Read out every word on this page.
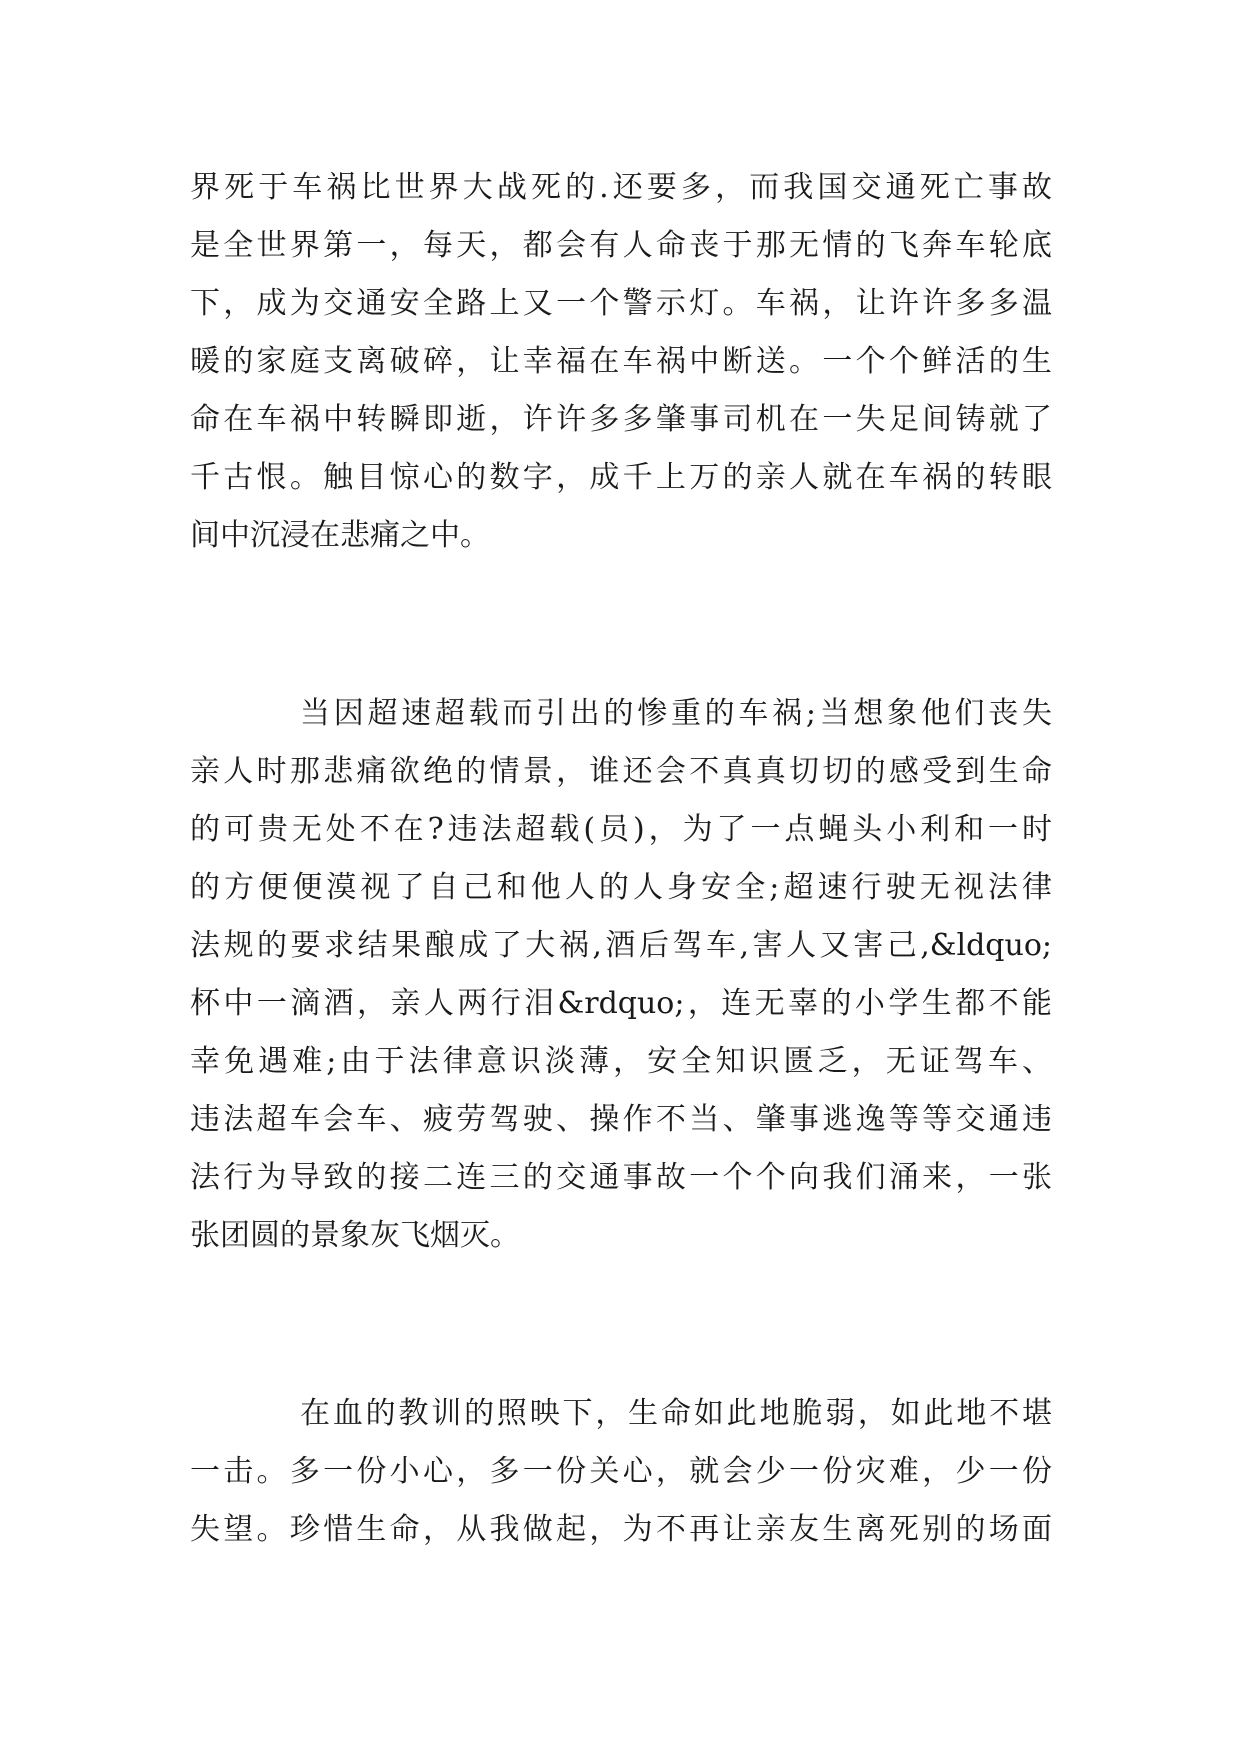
界死于车祸比世界大战死的.还要多，而我国交通死亡事故
是全世界第一，每天，都会有人命丧于那无情的飞奔车轮底
下，成为交通安全路上又一个警示灯。车祸，让许许多多温
暖的家庭支离破碎，让幸福在车祸中断送。一个个鲜活的生
命在车祸中转瞬即逝，许许多多肇事司机在一失足间铸就了
千古恨。触目惊心的数字，成千上万的亲人就在车祸的转眼
间中沉浸在悲痛之中。
当因超速超载而引出的惨重的车祸;当想象他们丧失
亲人时那悲痛欲绝的情景，谁还会不真真切切的感受到生命
的可贵无处不在?违法超载(员)，为了一点蝇头小利和一时
的方便便漠视了自己和他人的人身安全;超速行驶无视法律
法规的要求结果酿成了大祸,酒后驾车,害人又害己,&ldquo;
杯中一滴酒，亲人两行泪&rdquo;，连无辜的小学生都不能
幸免遇难;由于法律意识淡薄，安全知识匮乏，无证驾车、
违法超车会车、疲劳驾驶、操作不当、肇事逃逸等等交通违
法行为导致的接二连三的交通事故一个个向我们涌来，一张
张团圆的景象灰飞烟灭。
在血的教训的照映下，生命如此地脆弱，如此地不堪
一击。多一份小心，多一份关心，就会少一份灾难，少一份
失望。珍惜生命，从我做起，为不再让亲友生离死别的场面
